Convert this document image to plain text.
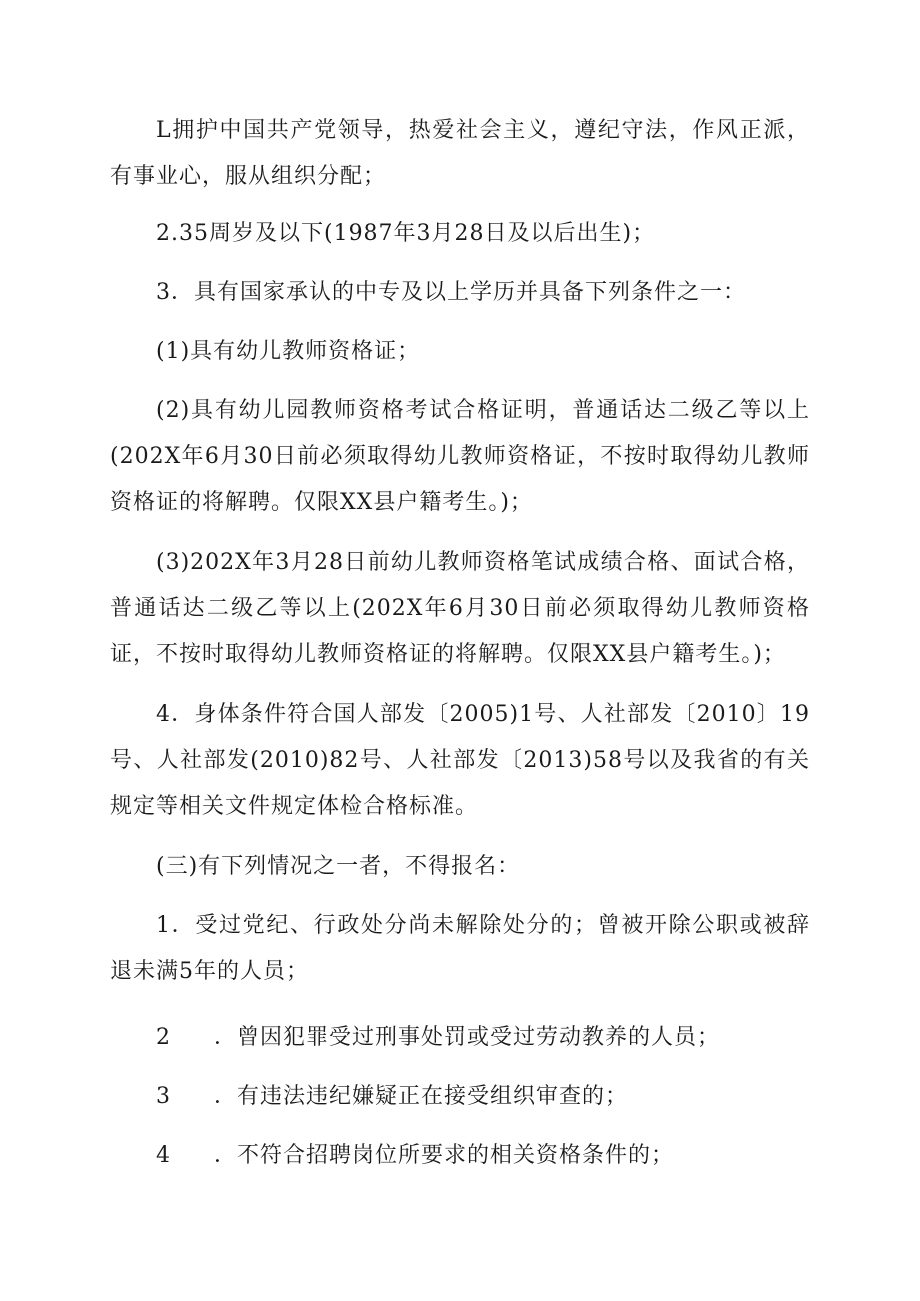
L拥护中国共产党领导，热爱社会主义，遵纪守法，作风正派，有事业心，服从组织分配；

2.35周岁及以下(1987年3月28日及以后出生)；

3．具有国家承认的中专及以上学历并具备下列条件之一：

(1)具有幼儿教师资格证；

(2)具有幼儿园教师资格考试合格证明，普通话达二级乙等以上(202X年6月30日前必须取得幼儿教师资格证，不按时取得幼儿教师资格证的将解聘。仅限XX县户籍考生。)；

(3)202X年3月28日前幼儿教师资格笔试成绩合格、面试合格，普通话达二级乙等以上(202X年6月30日前必须取得幼儿教师资格证，不按时取得幼儿教师资格证的将解聘。仅限XX县户籍考生。)；

4．身体条件符合国人部发〔2005)1号、人社部发〔2010〕19号、人社部发(2010)82号、人社部发〔2013)58号以及我省的有关规定等相关文件规定体检合格标准。

(三)有下列情况之一者，不得报名：

1．受过党纪、行政处分尚未解除处分的；曾被开除公职或被辞退未满5年的人员；

2 ．曾因犯罪受过刑事处罚或受过劳动教养的人员；

3 ．有违法违纪嫌疑正在接受组织审查的；

4 ．不符合招聘岗位所要求的相关资格条件的；
